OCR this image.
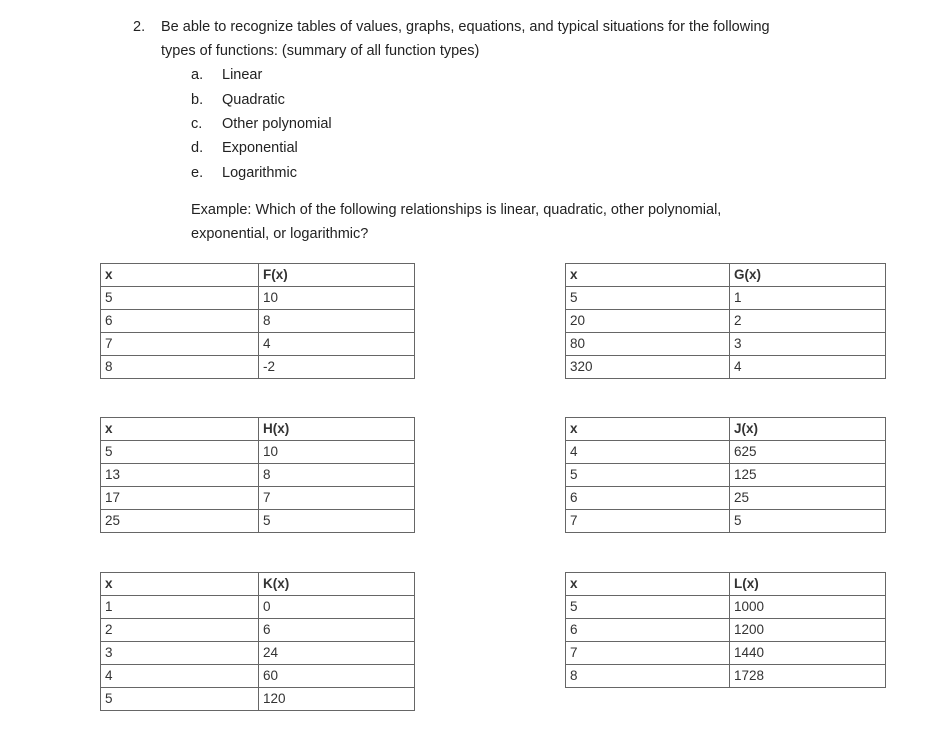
2. Be able to recognize tables of values, graphs, equations, and typical situations for the following
types of functions: (summary of all function types)
a. Linear
b. Quadratic
c. Other polynomial
d. Exponential
e. Logarithmic
Example: Which of the following relationships is linear, quadratic, other polynomial,
exponential, or logarithmic?
x	F(x)
5	10
6	8
7	4
8	-2
x	G(x)
5	1
20	2
80	3
320	4
x	H(x)
5	10
13	8
17	7
25	5
x	J(x)
4	625
5	125
6	25
7	5
x	K(x)
1	0
2	6
3	24
4	60
5	120
x	L(x)
5	1000
6	1200
7	1440
8	1728
